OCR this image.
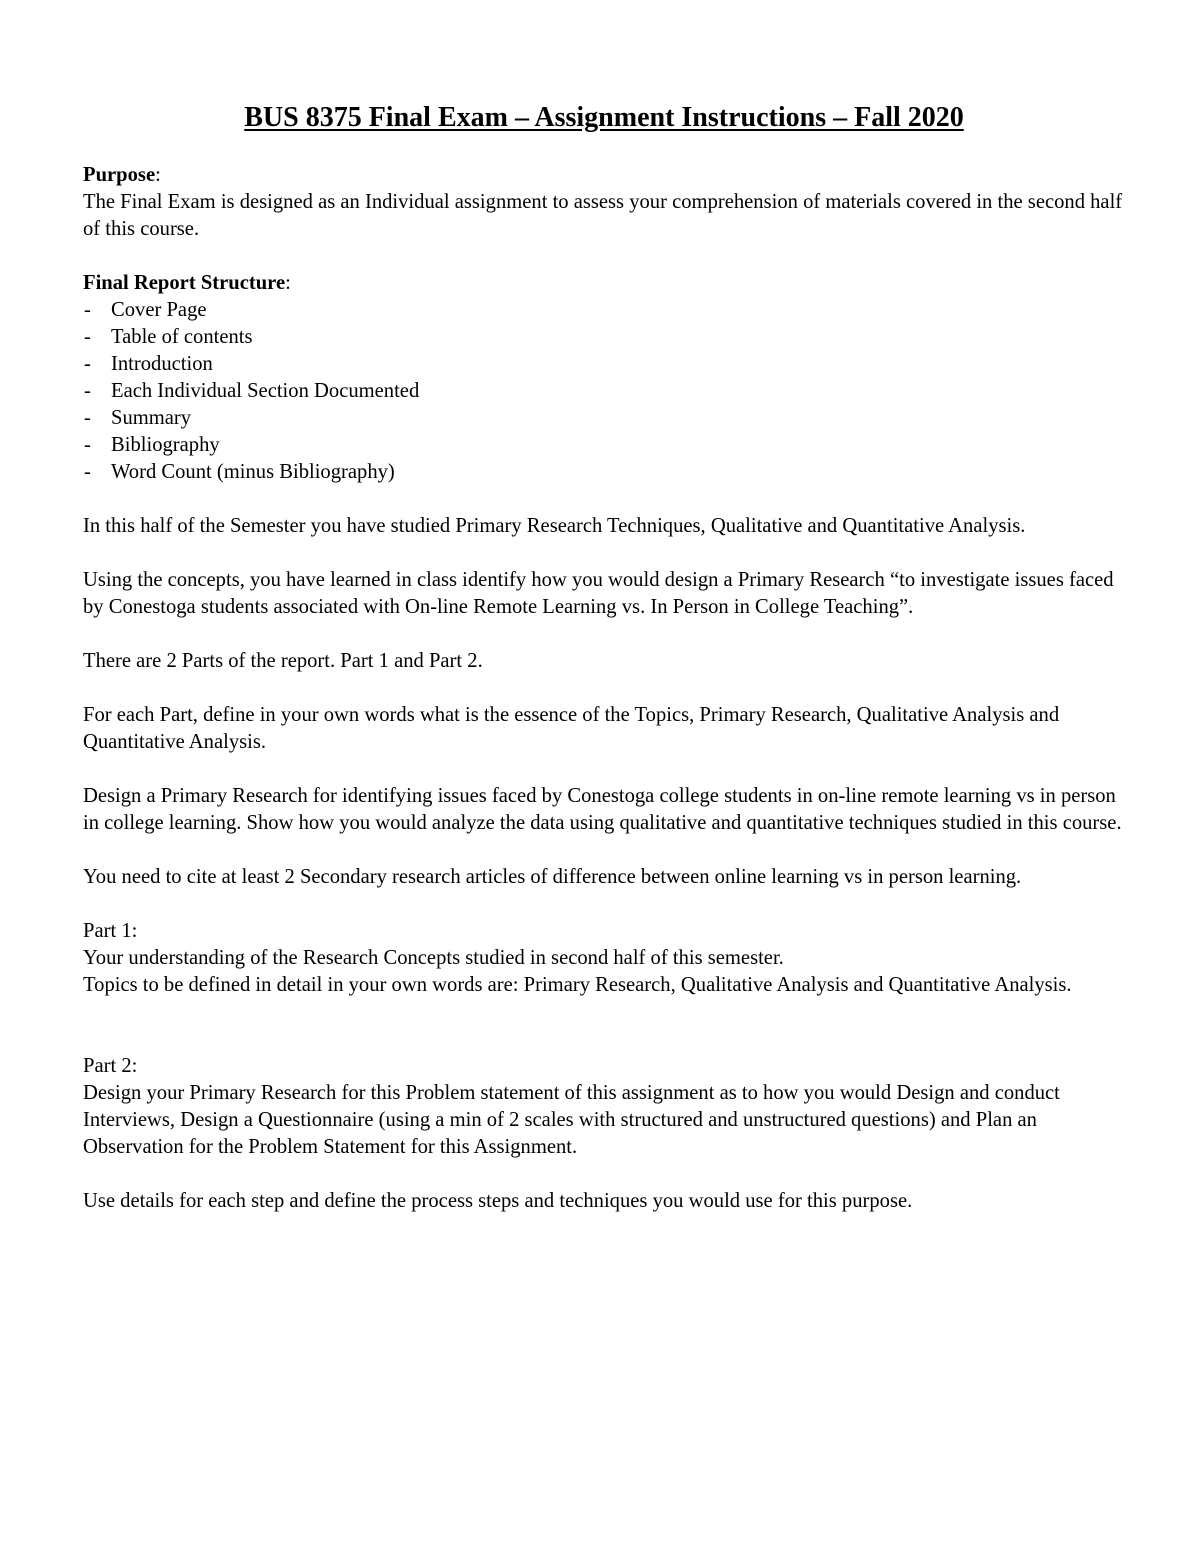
BUS 8375 Final Exam – Assignment Instructions – Fall 2020

Purpose:

The Final Exam is designed as an Individual assignment to assess your comprehension of materials covered in the second half of this course.

Final Report Structure:

- Cover Page
- Table of contents
- Introduction
- Each Individual Section Documented
- Summary
- Bibliography
- Word Count (minus Bibliography)

In this half of the Semester you have studied Primary Research Techniques, Qualitative and Quantitative Analysis.

Using the concepts, you have learned in class identify how you would design a Primary Research “to investigate issues faced by Conestoga students associated with On-line Remote Learning vs. In Person in College Teaching”.

There are 2 Parts of the report. Part 1 and Part 2.

For each Part, define in your own words what is the essence of the Topics, Primary Research, Qualitative Analysis and Quantitative Analysis.

Design a Primary Research for identifying issues faced by Conestoga college students in on-line remote learning vs in person in college learning. Show how you would analyze the data using qualitative and quantitative techniques studied in this course.

You need to cite at least 2 Secondary research articles of difference between online learning vs in person learning.

Part 1:

Your understanding of the Research Concepts studied in second half of this semester.

Topics to be defined in detail in your own words are: Primary Research, Qualitative Analysis and Quantitative Analysis.

Part 2:

Design your Primary Research for this Problem statement of this assignment as to how you would Design and conduct Interviews, Design a Questionnaire (using a min of 2 scales with structured and unstructured questions) and Plan an Observation for the Problem Statement for this Assignment.

Use details for each step and define the process steps and techniques you would use for this purpose.
